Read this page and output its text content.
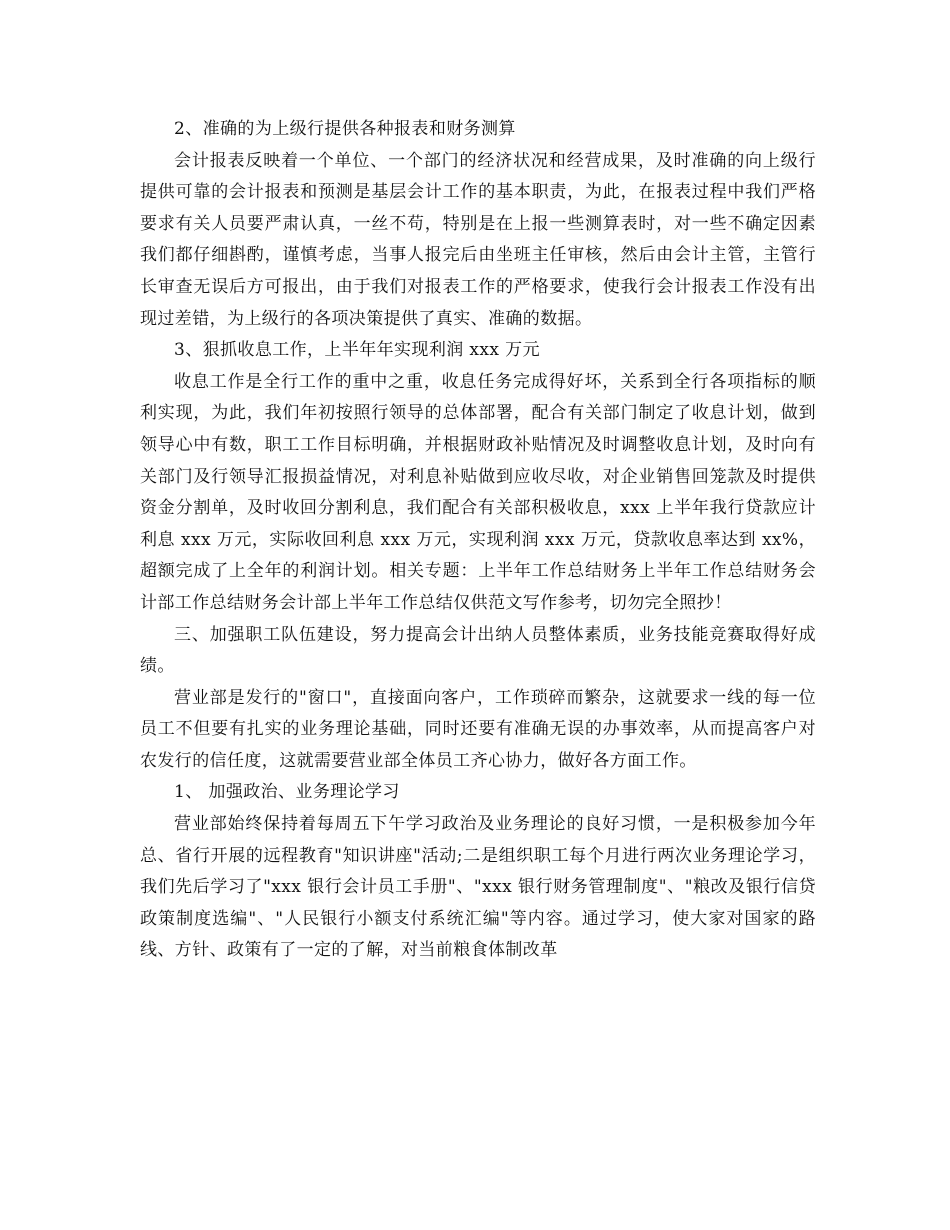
2、准确的为上级行提供各种报表和财务测算

会计报表反映着一个单位、一个部门的经济状况和经营成果，及时准确的向上级行提供可靠的会计报表和预测是基层会计工作的基本职责，为此，在报表过程中我们严格要求有关人员要严肃认真，一丝不苟，特别是在上报一些测算表时，对一些不确定因素我们都仔细斟酌，谨慎考虑，当事人报完后由坐班主任审核，然后由会计主管，主管行长审查无误后方可报出，由于我们对报表工作的严格要求，使我行会计报表工作没有出现过差错，为上级行的各项决策提供了真实、准确的数据。

3、狠抓收息工作，上半年年实现利润 xxx 万元

收息工作是全行工作的重中之重，收息任务完成得好坏，关系到全行各项指标的顺利实现，为此，我们年初按照行领导的总体部署，配合有关部门制定了收息计划，做到领导心中有数，职工工作目标明确，并根据财政补贴情况及时调整收息计划，及时向有关部门及行领导汇报损益情况，对利息补贴做到应收尽收，对企业销售回笼款及时提供资金分割单，及时收回分割利息，我们配合有关部积极收息，xxx 上半年我行贷款应计利息 xxx 万元，实际收回利息 xxx 万元，实现利润 xxx 万元，贷款收息率达到 xx%，超额完成了上全年的利润计划。相关专题：上半年工作总结财务上半年工作总结财务会计部工作总结财务会计部上半年工作总结仅供范文写作参考，切勿完全照抄！

三、加强职工队伍建设，努力提高会计出纳人员整体素质，业务技能竞赛取得好成绩。

营业部是发行的"窗口"，直接面向客户，工作琐碎而繁杂，这就要求一线的每一位员工不但要有扎实的业务理论基础，同时还要有准确无误的办事效率，从而提高客户对农发行的信任度，这就需要营业部全体员工齐心协力，做好各方面工作。

1、 加强政治、业务理论学习

营业部始终保持着每周五下午学习政治及业务理论的良好习惯，一是积极参加今年总、省行开展的远程教育"知识讲座"活动;二是组织职工每个月进行两次业务理论学习，我们先后学习了"xxx 银行会计员工手册"、"xxx 银行财务管理制度"、"粮改及银行信贷政策制度选编"、"人民银行小额支付系统汇编"等内容。通过学习，使大家对国家的路线、方针、政策有了一定的了解，对当前粮食体制改革
